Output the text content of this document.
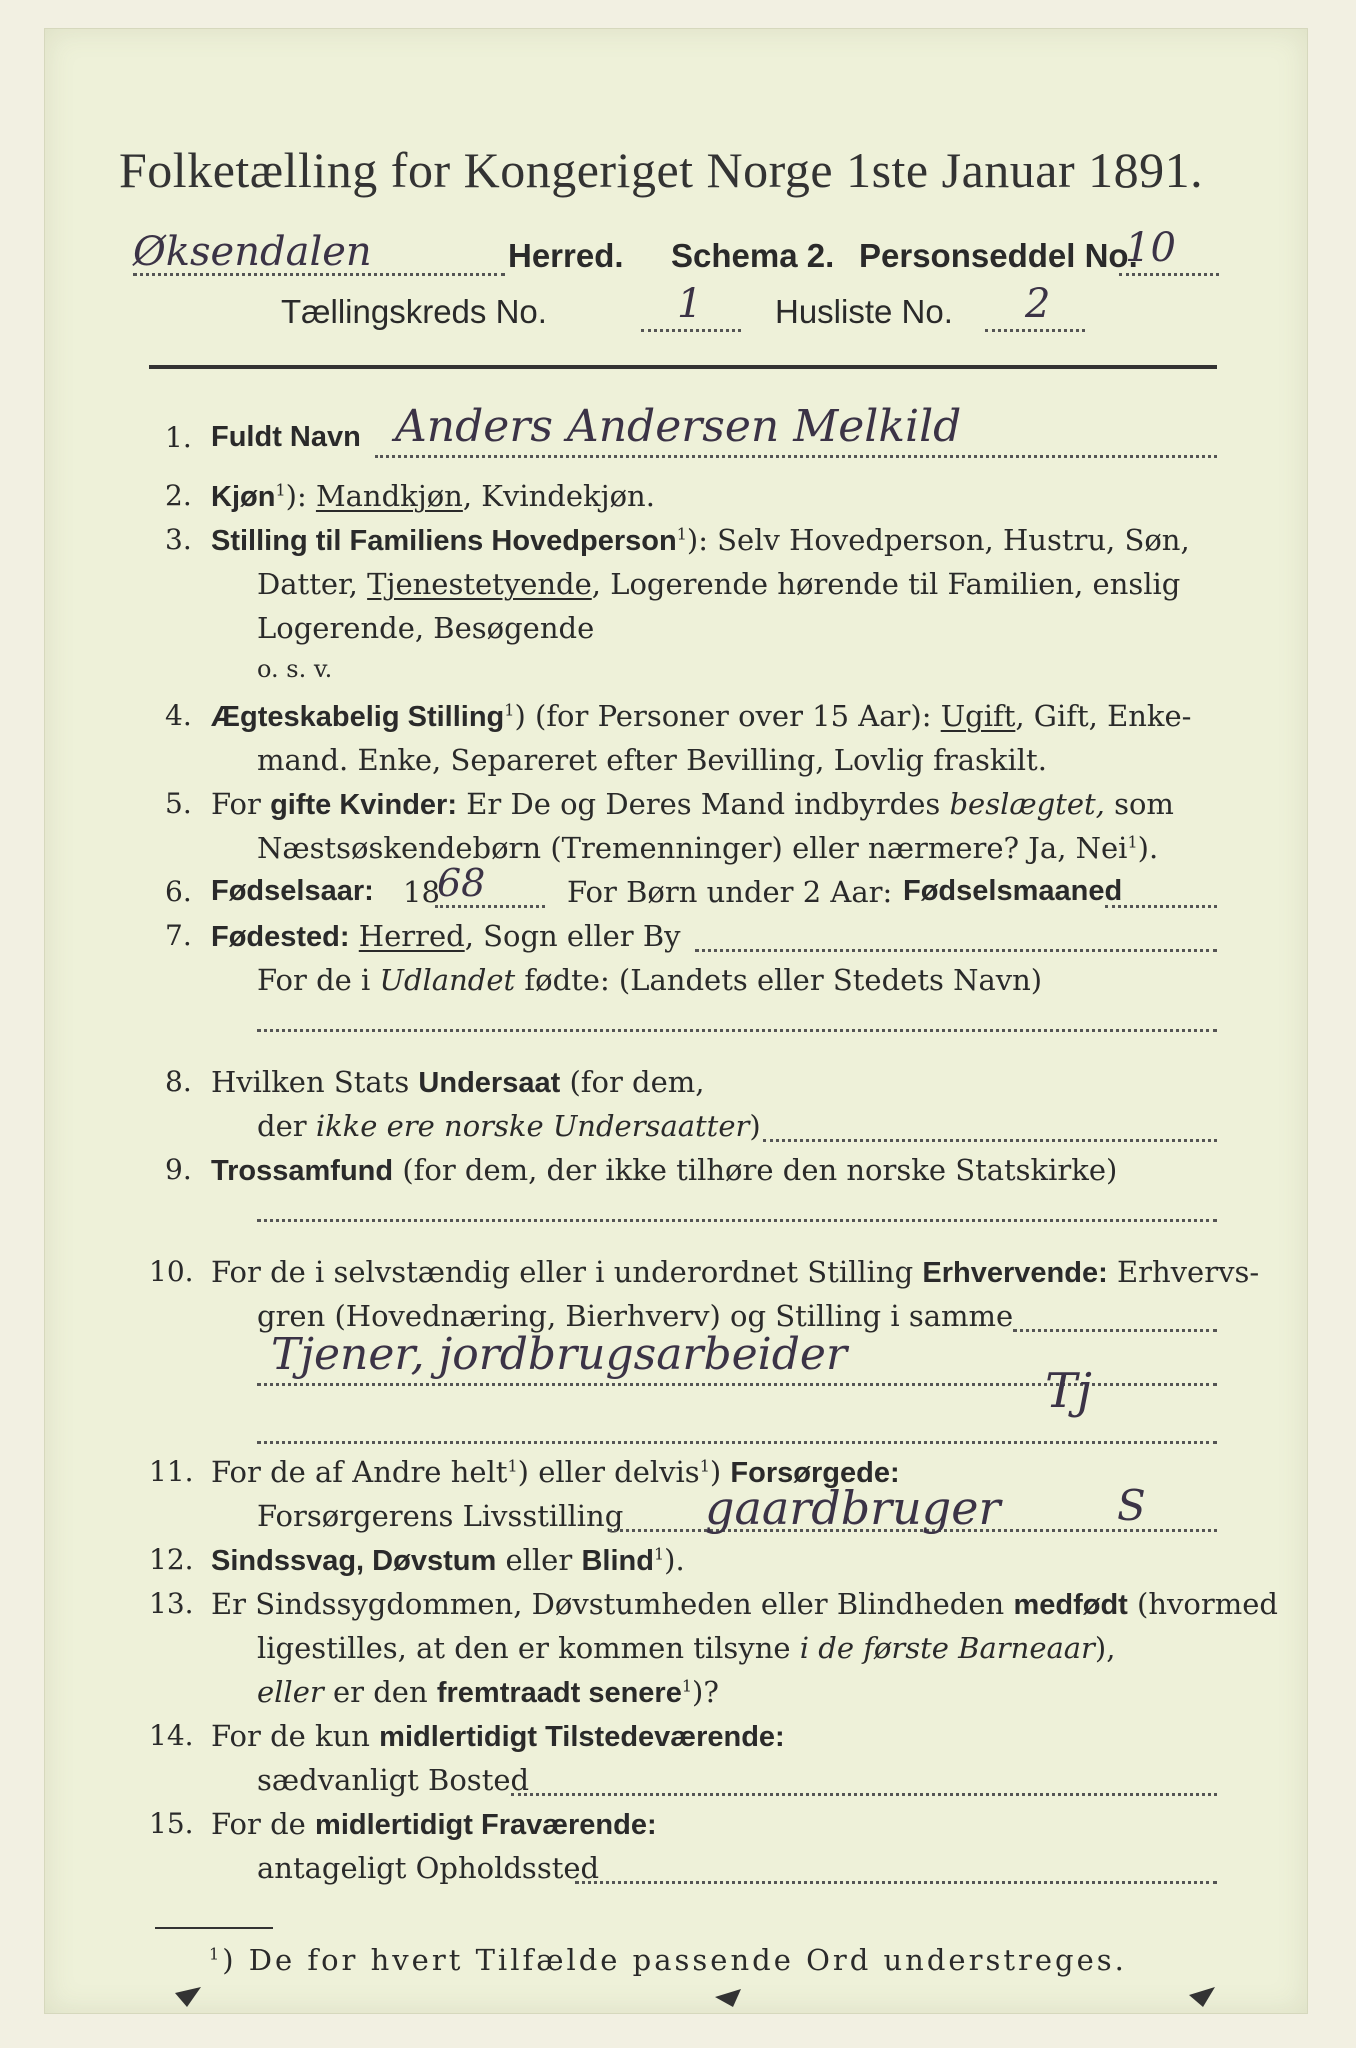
Folketælling for Kongeriget Norge 1ste Januar 1891.
Øksendalen	Herred. Schema 2. Personseddel No.
10
Tællingskreds No.	1 Husliste No. 2
1. Fuldt Navn Anders Andersen Melkild
2. Kjøn$^1$): Mandkjøn, Kvindekjøn.
3. Stilling til Familiens Hovedperson$^1$): Selv Hovedperson, Hustru, Søn,
Datter, Tjenestetyende, Logerende hørende til Familien, enslig
Logerende, Besøgende
o. s. v.
4. Ægteskabelig Stilling$^1$) (for Personer over 15 Aar): Ugift, Gift, Enke-
mand. Enke, Separeret efter Bevilling, Lovlig fraskilt.
5. For gifte Kvinder: Er De og Deres Mand indbyrdes beslægtet, som
Næstsøskendebørn (Tremenninger) eller nærmere? Ja, Nei$^1$).
6. Fødselsaar: 18
68	For Børn under 2 Aar: Fødselsmaaned
7. Fødested: Herred, Sogn eller By
For de i Udlandet fødte: (Landets eller Stedets Navn)
8. Hvilken Stats Undersaat (for dem,
der ikke ere norske Undersaatter)
9. Trossamfund (for dem, der ikke tilhøre den norske Statskirke)
10. For de i selvstændig eller i underordnet Stilling Erhvervende: Erhvervs-
gren (Hovednæring, Bierhverv) og Stilling i samme
Tjener, jordbrugsarbeider
Tj
11. For de af Andre helt$^1$) eller delvis$^1$) Forsørgede:
Forsørgerens Livsstilling gaardbruger	S
12. Sindssvag, Døvstum eller Blind$^1$).
13. Er Sindssygdommen, Døvstumheden eller Blindheden medfødt (hvormed
ligestilles, at den er kommen tilsyne i de første Barneaar),
eller er den fremtraadt senere$^1$)?
14. For de kun midlertidigt Tilstedeværende:
sædvanligt Bosted
15. For de midlertidigt Fraværende:
antageligt Opholdssted
$^1$) De for hvert Tilfælde passende Ord understreges.
